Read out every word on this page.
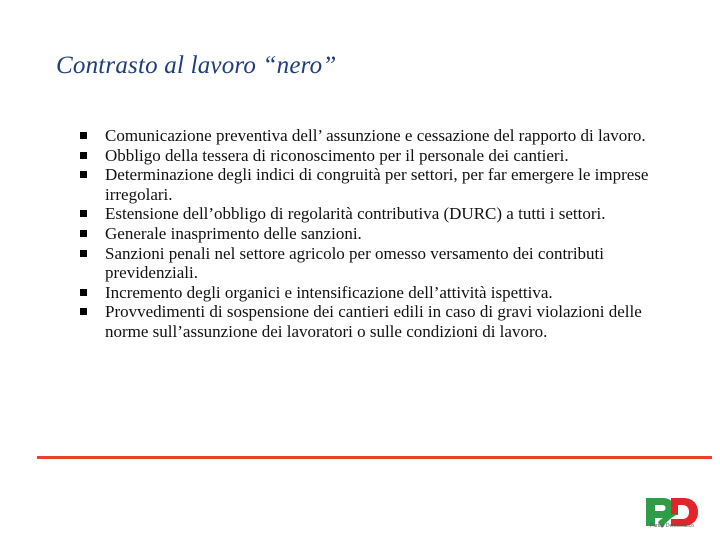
Contrasto al lavoro “nero”
Comunicazione preventiva dell’ assunzione e cessazione del rapporto di lavoro.
Obbligo della tessera di riconoscimento per il personale dei cantieri.
Determinazione degli indici di congruità per settori, per far emergere le imprese irregolari.
Estensione dell’obbligo di regolarità contributiva (DURC) a tutti i settori.
Generale inasprimento delle sanzioni.
Sanzioni penali nel settore agricolo per omesso versamento dei contributi previdenziali.
Incremento degli organici e intensificazione dell’attività ispettiva.
Provvedimenti di sospensione dei cantieri edili in caso di gravi violazioni delle norme sull’assunzione dei lavoratori o sulle condizioni di lavoro.
Partito Democratico
